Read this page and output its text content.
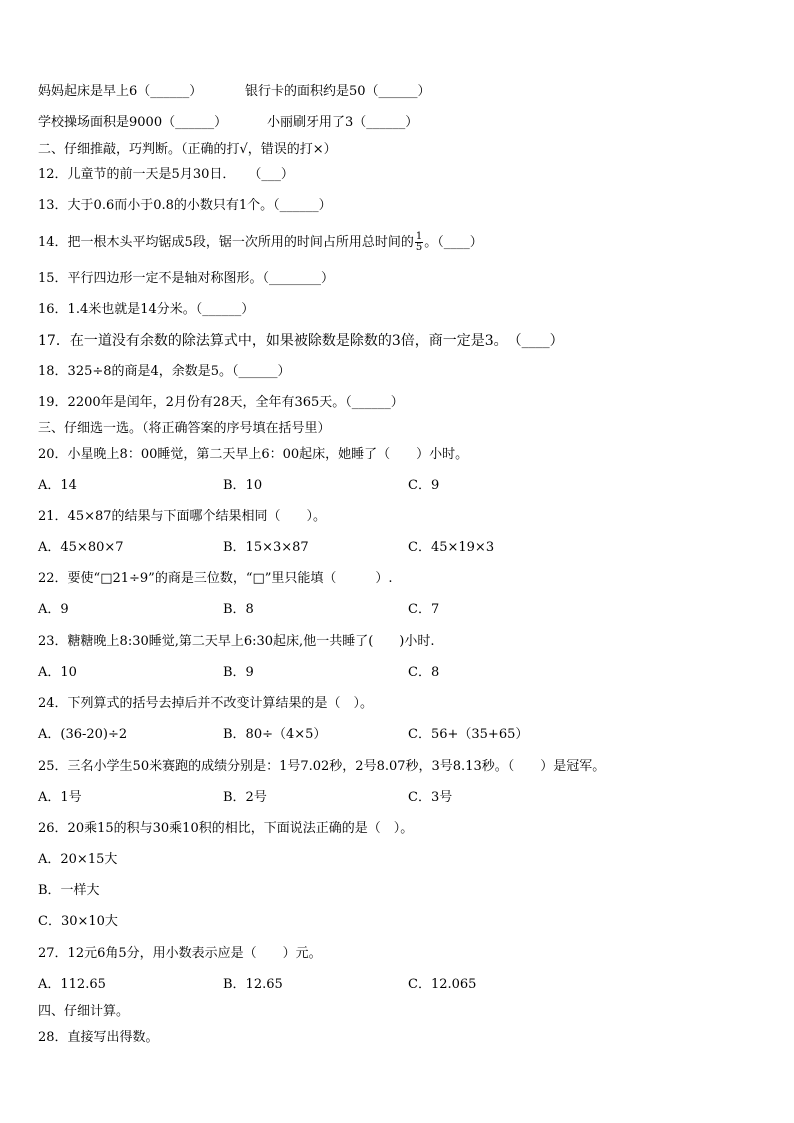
妈妈起床是早上6（______）	银行卡的面积约是50（______）
学校操场面积是9000（______）	小丽刷牙用了3（______）
二、仔细推敲，巧判断。（正确的打√，错误的打×）
12．儿童节的前一天是5月30日．　　（___）
13．大于0.6而小于0.8的小数只有1个。（______）
14．把一根木头平均锯成5段，锯一次所用的时间占所用总时间的 $\frac{1}{5}$ 。（____）
15．平行四边形一定不是轴对称图形。（________）
16．1.4米也就是14分米。（______）
17．在一道没有余数的除法算式中，如果被除数是除数的3倍，商一定是3。　（____）
18．325÷8的商是4，余数是5。（______）
19．2200年是闰年，2月份有28天，全年有365天。（______）
三、仔细选一选。（将正确答案的序号填在括号里）
20．小星晚上8：00睡觉，第二天早上6：00起床，她睡了（　　）小时。
A．14	B．10	C．9
21．45×87的结果与下面哪个结果相同（　　）。
A．45×80×7	B．15×3×87	C．45×19×3
22．要使“□21÷9”的商是三位数，“□”里只能填（　　　）.
A．9	B．8	C．7
23．糖糖晚上8:30睡觉,第二天早上6:30起床,他一共睡了(　　)小时.
A．10	B．9	C．8
24．下列算式的括号去掉后并不改变计算结果的是（　）。
A．(36-20)÷2	B．80÷（4×5）	C．56+（35+65）
25．三名小学生50米赛跑的成绩分别是：1号7.02秒，2号8.07秒，3号8.13秒。（　　）是冠军。
A．1号	B．2号	C．3号
26．20乘15的积与30乘10积的相比，下面说法正确的是（　）。
A．20×15大
B．一样大
C．30×10大
27．12元6角5分，用小数表示应是（　　）元。
A．112.65	B．12.65	C．12.065
四、仔细计算。
28．直接写出得数。
